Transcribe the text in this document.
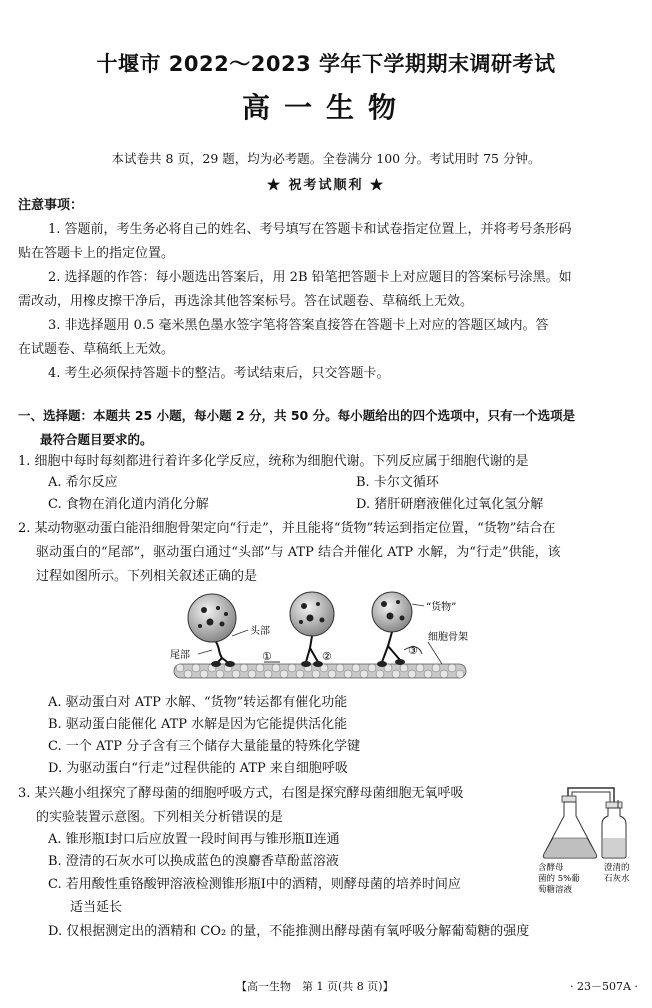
十堰市 2022～2023 学年下学期期末调研考试
高一生物
本试卷共 8 页，29 题，均为必考题。全卷满分 100 分。考试用时 75 分钟。
★ 祝考试顺利 ★
注意事项：
1. 答题前，考生务必将自己的姓名、考号填写在答题卡和试卷指定位置上，并将考号条形码
贴在答题卡上的指定位置。
2. 选择题的作答：每小题选出答案后，用 2B 铅笔把答题卡上对应题目的答案标号涂黑。如
需改动，用橡皮擦干净后，再选涂其他答案标号。答在试题卷、草稿纸上无效。
3. 非选择题用 0.5 毫米黑色墨水签字笔将答案直接答在答题卡上对应的答题区域内。答
在试题卷、草稿纸上无效。
4. 考生必须保持答题卡的整洁。考试结束后，只交答题卡。
一、选择题：本题共 25 小题，每小题 2 分，共 50 分。每小题给出的四个选项中，只有一个选项是
最符合题目要求的。
1. 细胞中每时每刻都进行着许多化学反应，统称为细胞代谢。下列反应属于细胞代谢的是
A. 希尔反应	B. 卡尔文循环
C. 食物在消化道内消化分解	D. 猪肝研磨液催化过氧化氢分解
2. 某动物驱动蛋白能沿细胞骨架定向“行走”，并且能将“货物”转运到指定位置，“货物”结合在
驱动蛋白的“尾部”，驱动蛋白通过“头部”与 ATP 结合并催化 ATP 水解，为“行走”供能，该
过程如图所示。下列相关叙述正确的是
“货物”
头部
尾部
细胞骨架
①	②	③
A. 驱动蛋白对 ATP 水解、“货物”转运都有催化功能
B. 驱动蛋白能催化 ATP 水解是因为它能提供活化能
C. 一个 ATP 分子含有三个储存大量能量的特殊化学键
D. 为驱动蛋白“行走”过程供能的 ATP 来自细胞呼吸
3. 某兴趣小组探究了酵母菌的细胞呼吸方式，右图是探究酵母菌细胞无氧呼吸
的实验装置示意图。下列相关分析错误的是
A. 锥形瓶Ⅰ封口后应放置一段时间再与锥形瓶Ⅱ连通
B. 澄清的石灰水可以换成蓝色的溴麝香草酚蓝溶液
C. 若用酸性重铬酸钾溶液检测锥形瓶Ⅰ中的酒精，则酵母菌的培养时间应
适当延长
D. 仅根据测定出的酒精和 CO₂ 的量，不能推测出酵母菌有氧呼吸分解葡萄糖的强度
含酵母
菌的 5%葡
萄糖溶液
澄清的
石灰水
【高一生物　第 1 页(共 8 页)】	· 23－507A ·
